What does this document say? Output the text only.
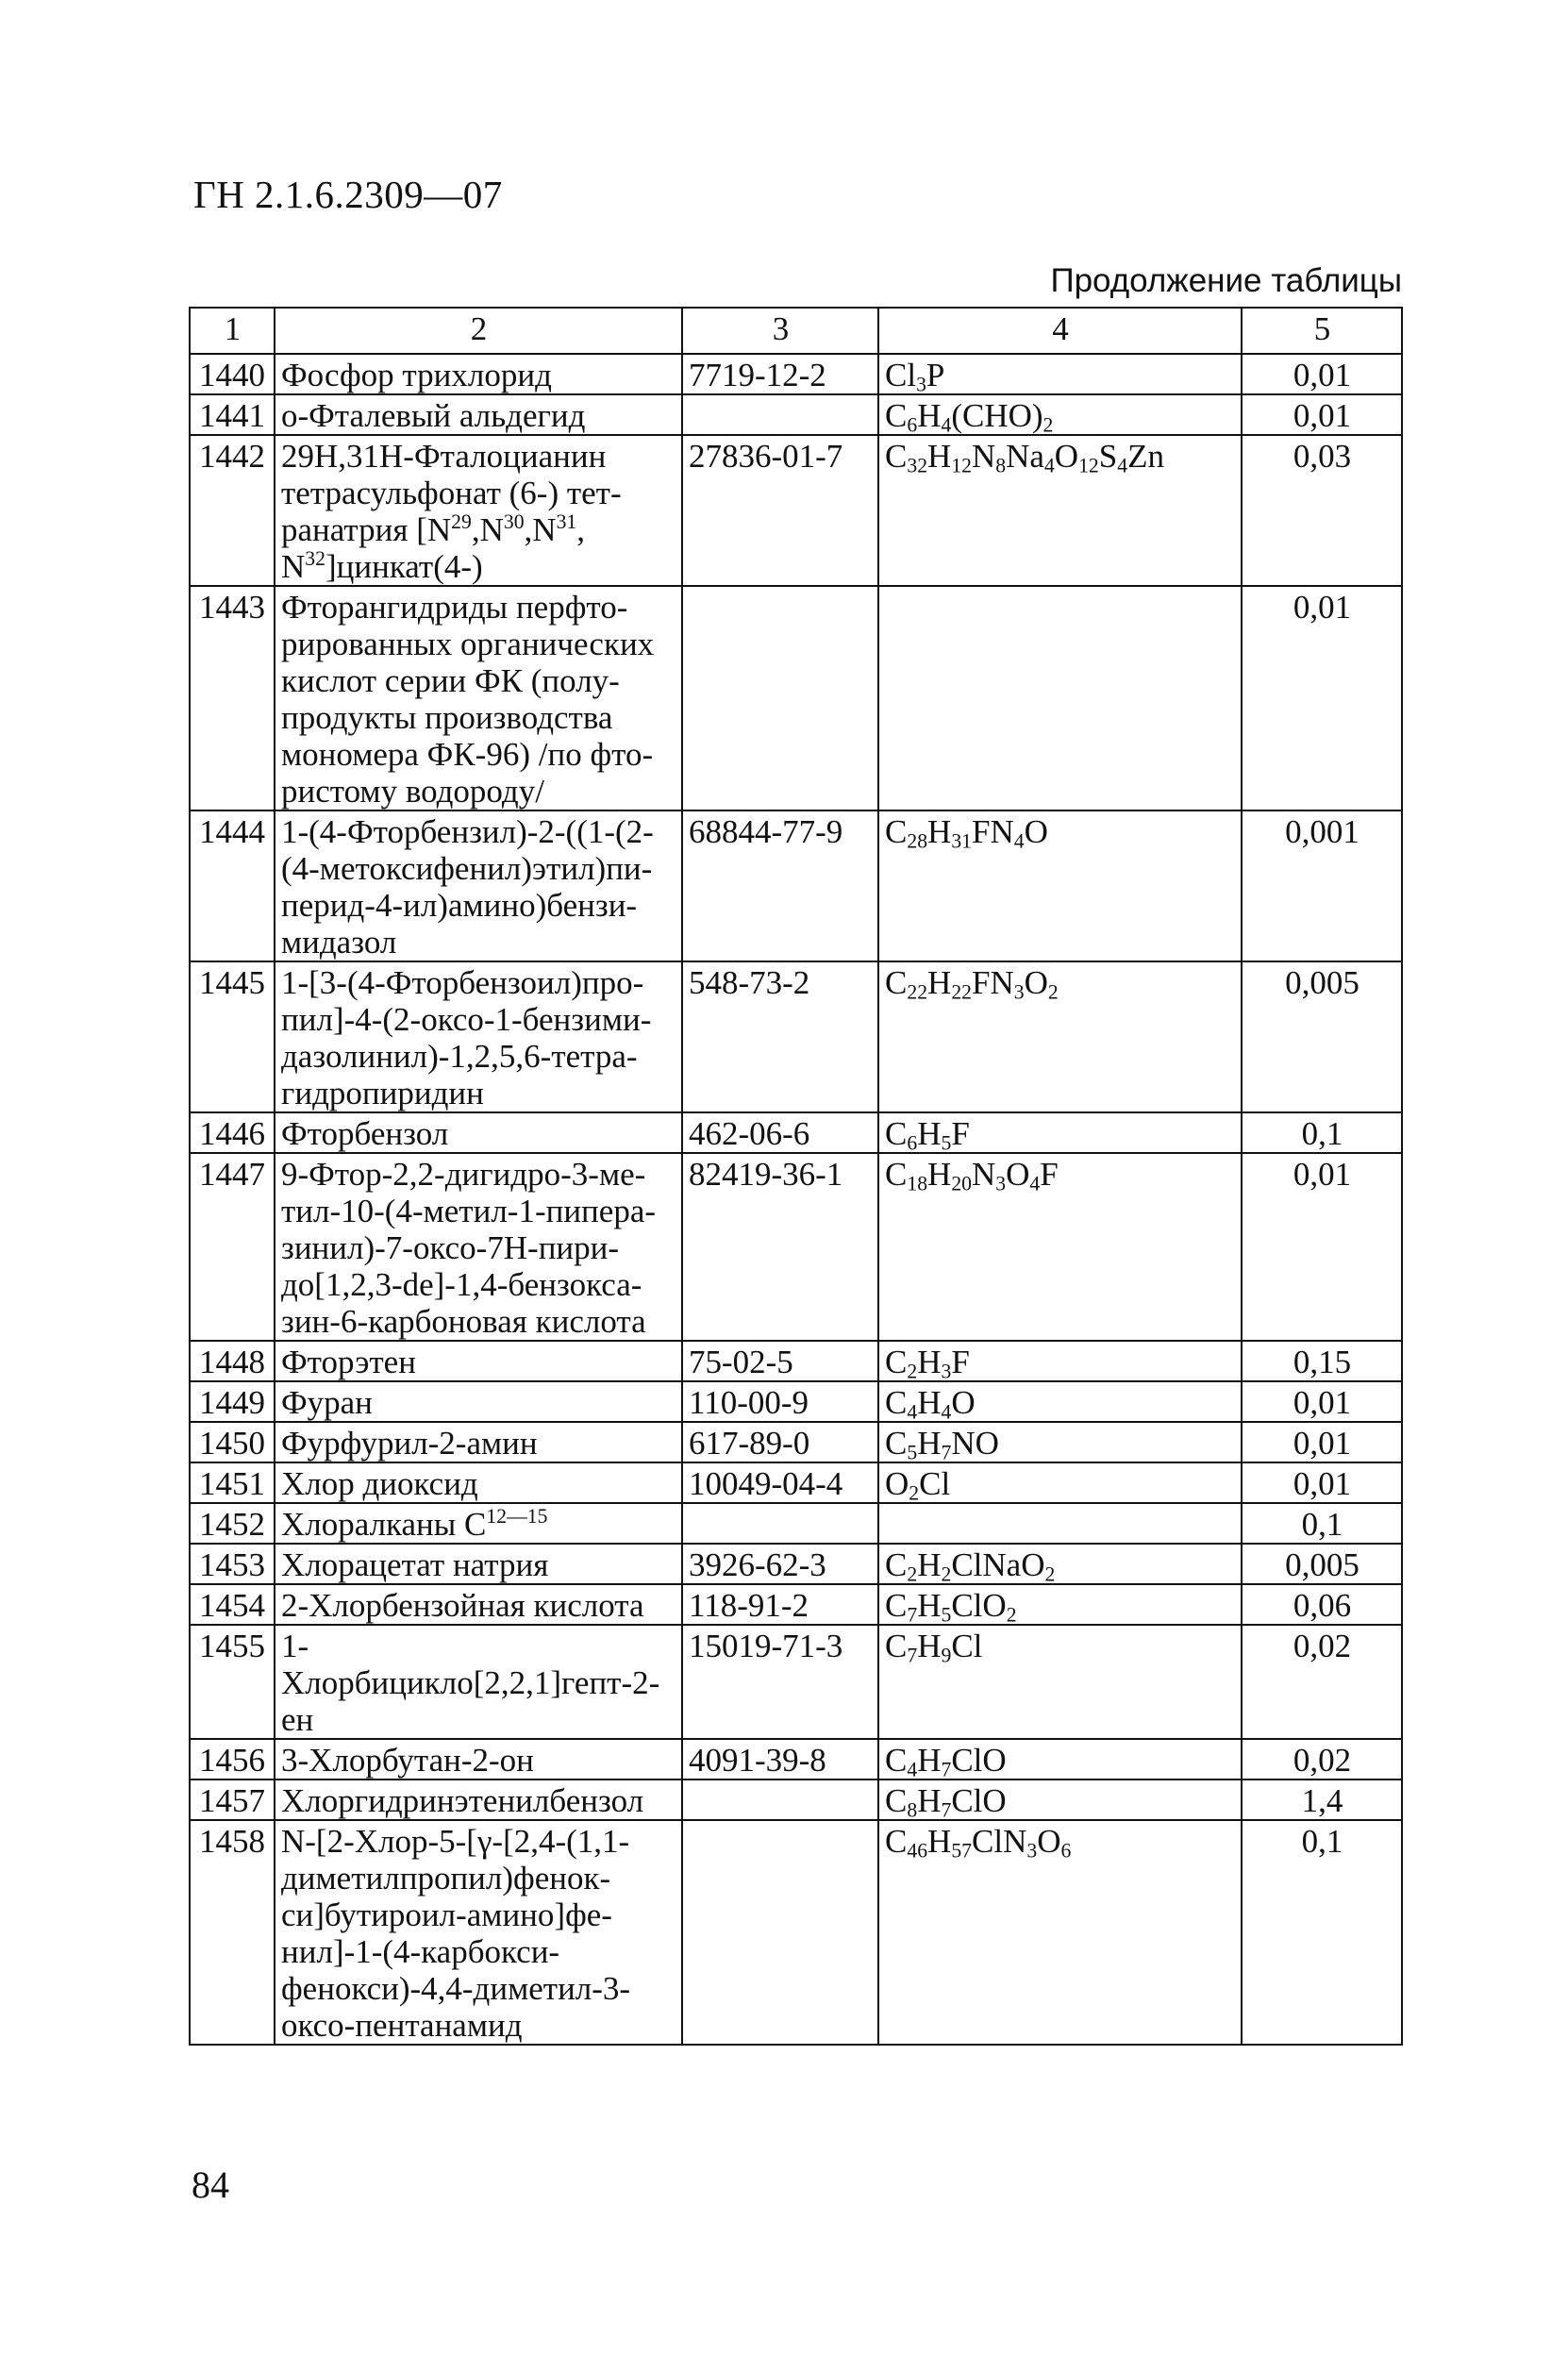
ГН 2.1.6.2309—07
Продолжение таблицы
1	2	3	4	5
1440	Фосфор трихлорид	7719-12-2	$Cl_3P$	0,01
1441	o-Фталевый альдегид		$C_6H_4(CHO)_2$	0,01
1442	29H,31H-Фталоцианин тетрасульфонат (6-) тет-ранатрия [$N^{29},N^{30},N^{31}$, $N^{32}]цинкат(4-)$	27836-01-7	$C_{32}H_{12}N_8Na_4O_{12}S_4Zn$	0,03
1443	Фторангидриды перфто-рированных органических кислот серии ФК (полу-продукты производства мономера ФК-96) /по фто-ристому водороду/			0,01
1444	1-(4-Фторбензил)-2-((1-(2-(4-метоксифенил)этил)пи-перид-4-ил)амино)бензи-мидазол	68844-77-9	$C_{28}H_{31}FN_4O$	0,001
1445	1-[3-(4-Фторбензоил)про-пил]-4-(2-оксо-1-бензими-дазолинил)-1,2,5,6-тетра-гидропиридин	548-73-2	$C_{22}H_{22}FN_3O_2$	0,005
1446	Фторбензол	462-06-6	$C_6H_5F$	0,1
1447	9-Фтор-2,2-дигидро-3-ме-тил-10-(4-метил-1-пипера-зинил)-7-оксо-7Н-пири-до[1,2,3-de]-1,4-бензокса-зин-6-карбоновая кислота	82419-36-1	$C_{18}H_{20}N_3O_4F$	0,01
1448	Фторэтен	75-02-5	$C_2H_3F$	0,15
1449	Фуран	110-00-9	$C_4H_4O$	0,01
1450	Фурфурил-2-амин	617-89-0	$C_5H_7NO$	0,01
1451	Хлор диоксид	10049-04-4	$O_2Cl$	0,01
1452	Хлоралканы $C^{12—15}$			0,1
1453	Хлорацетат натрия	3926-62-3	$C_2H_2ClNaO_2$	0,005
1454	2-Хлорбензойная кислота	118-91-2	$C_7H_5ClO_2$	0,06
1455	1-Хлорбицикло[2,2,1]гепт-2-ен	15019-71-3	$C_7H_9Cl$	0,02
1456	3-Хлорбутан-2-он	4091-39-8	$C_4H_7ClO$	0,02
1457	Хлоргидринэтенилбензол		$C_8H_7ClO$	1,4
1458	N-[2-Хлор-5-[γ-[2,4-(1,1-диметилпропил)фенок-си]бутироил-амино]фе-нил]-1-(4-карбокси-фенокси)-4,4-диметил-3-оксо-пентанамид		$C_{46}H_{57}ClN_3O_6$	0,1
84
